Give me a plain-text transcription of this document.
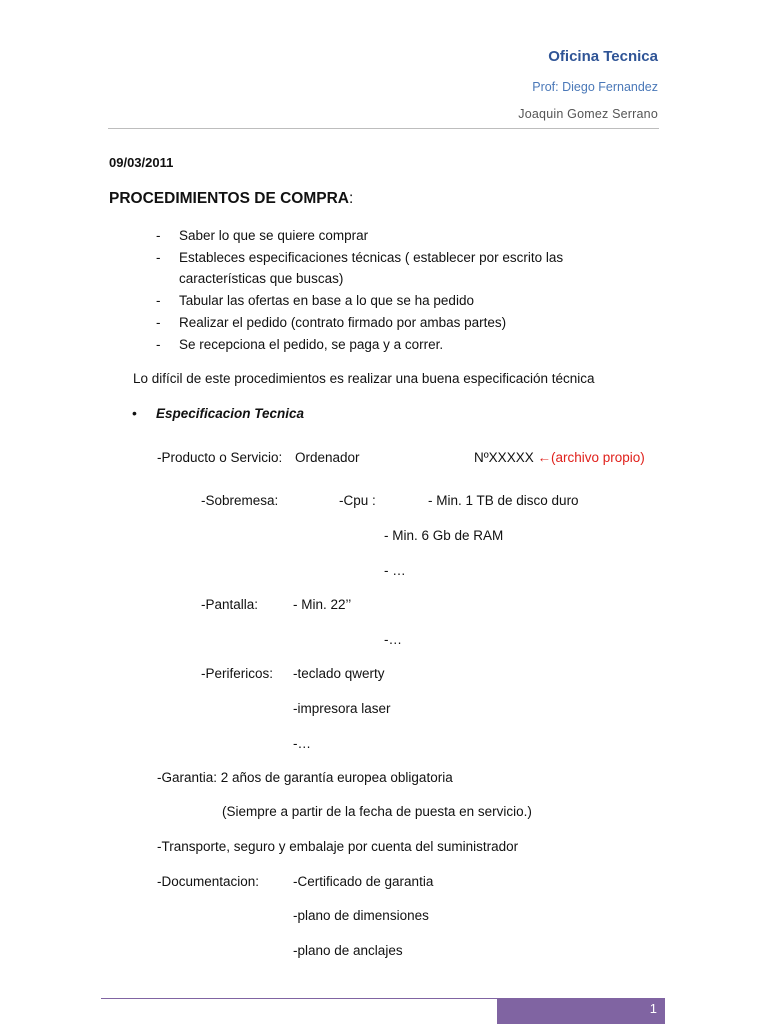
Oficina Tecnica
Prof: Diego Fernandez
Joaquin Gomez Serrano
09/03/2011
PROCEDIMIENTOS DE COMPRA:
- Saber lo que se quiere comprar
- Estableces especificaciones técnicas ( establecer por escrito las
características que buscas)
- Tabular las ofertas en base a lo que se ha pedido
- Realizar el pedido (contrato firmado por ambas partes)
- Se recepciona el pedido, se paga y a correr.
Lo difícil de este procedimientos es realizar una buena especificación técnica
• Especificacion Tecnica
-Producto o Servicio: Ordenador	NºXXXXX ←(archivo propio)
-Sobremesa:	-Cpu :	- Min. 1 TB de disco duro
- Min. 6 Gb de RAM
- …
-Pantalla:	- Min. 22’’
-…
-Perifericos: -teclado qwerty
-impresora laser
-…
-Garantia: 2 años de garantía europea obligatoria
(Siempre a partir de la fecha de puesta en servicio.)
-Transporte, seguro y embalaje por cuenta del suministrador
-Documentacion:	-Certificado de garantia
-plano de dimensiones
-plano de anclajes
1
